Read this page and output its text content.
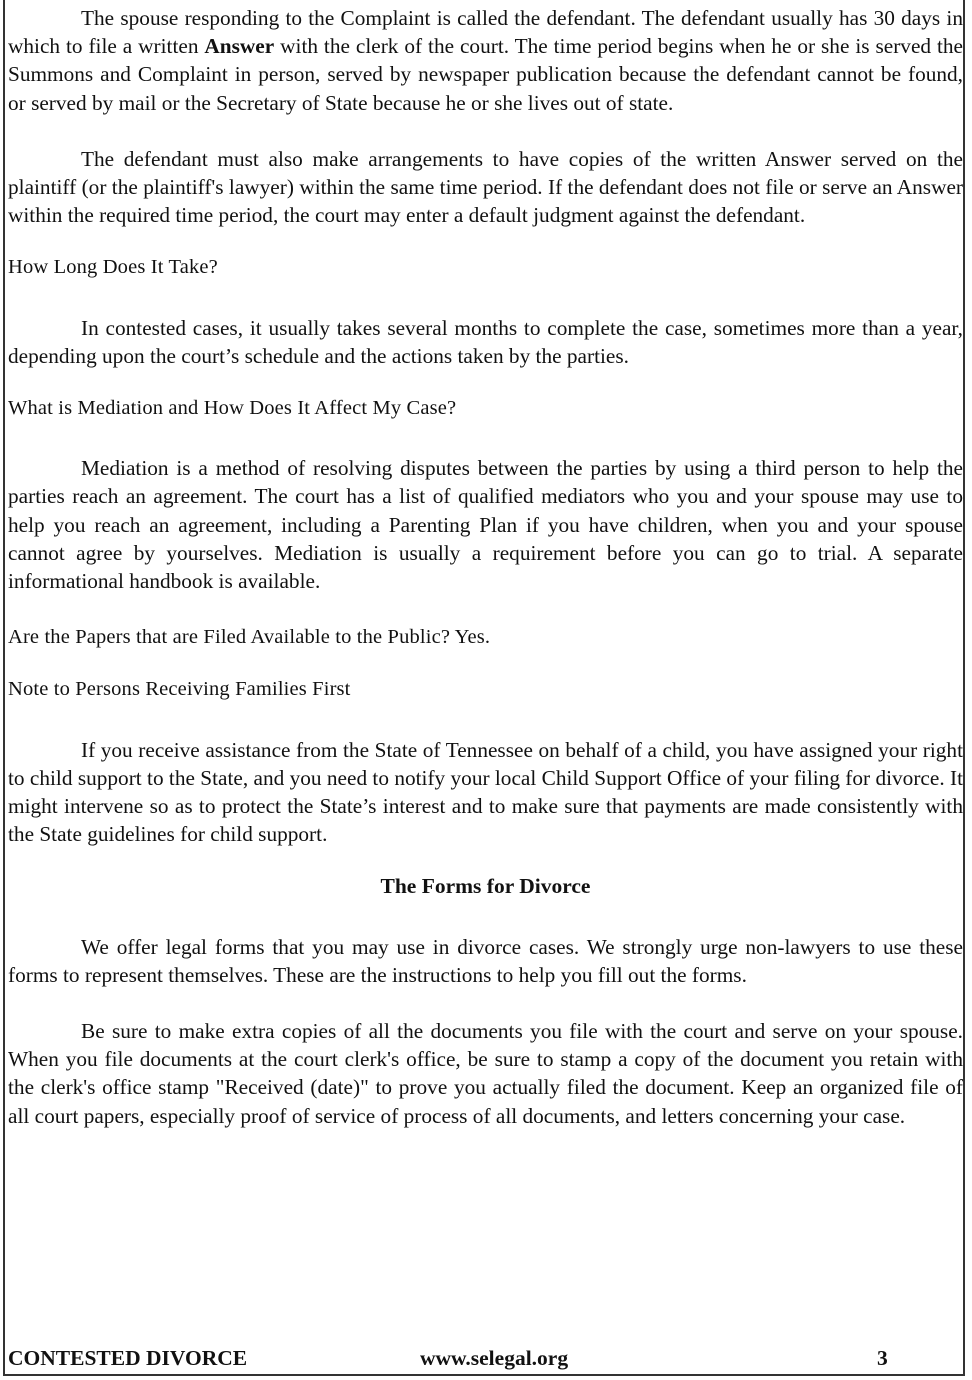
The spouse responding to the Complaint is called the defendant. The defendant usually has 30 days in which to file a written Answer with the clerk of the court. The time period begins when he or she is served the Summons and Complaint in person, served by newspaper publication because the defendant cannot be found, or served by mail or the Secretary of State because he or she lives out of state.

The defendant must also make arrangements to have copies of the written Answer served on the plaintiff (or the plaintiff's lawyer) within the same time period. If the defendant does not file or serve an Answer within the required time period, the court may enter a default judgment against the defendant.

How Long Does It Take?

In contested cases, it usually takes several months to complete the case, sometimes more than a year, depending upon the court’s schedule and the actions taken by the parties.

What is Mediation and How Does It Affect My Case?

Mediation is a method of resolving disputes between the parties by using a third person to help the parties reach an agreement. The court has a list of qualified mediators who you and your spouse may use to help you reach an agreement, including a Parenting Plan if you have children, when you and your spouse cannot agree by yourselves. Mediation is usually a requirement before you can go to trial. A separate informational handbook is available.

Are the Papers that are Filed Available to the Public? Yes.

Note to Persons Receiving Families First

If you receive assistance from the State of Tennessee on behalf of a child, you have assigned your right to child support to the State, and you need to notify your local Child Support Office of your filing for divorce. It might intervene so as to protect the State’s interest and to make sure that payments are made consistently with the State guidelines for child support.

The Forms for Divorce

We offer legal forms that you may use in divorce cases. We strongly urge non-lawyers to use these forms to represent themselves. These are the instructions to help you fill out the forms.

Be sure to make extra copies of all the documents you file with the court and serve on your spouse. When you file documents at the court clerk's office, be sure to stamp a copy of the document you retain with the clerk's office stamp "Received (date)" to prove you actually filed the document. Keep an organized file of all court papers, especially proof of service of process of all documents, and letters concerning your case.

CONTESTED DIVORCE	www.selegal.org	3
